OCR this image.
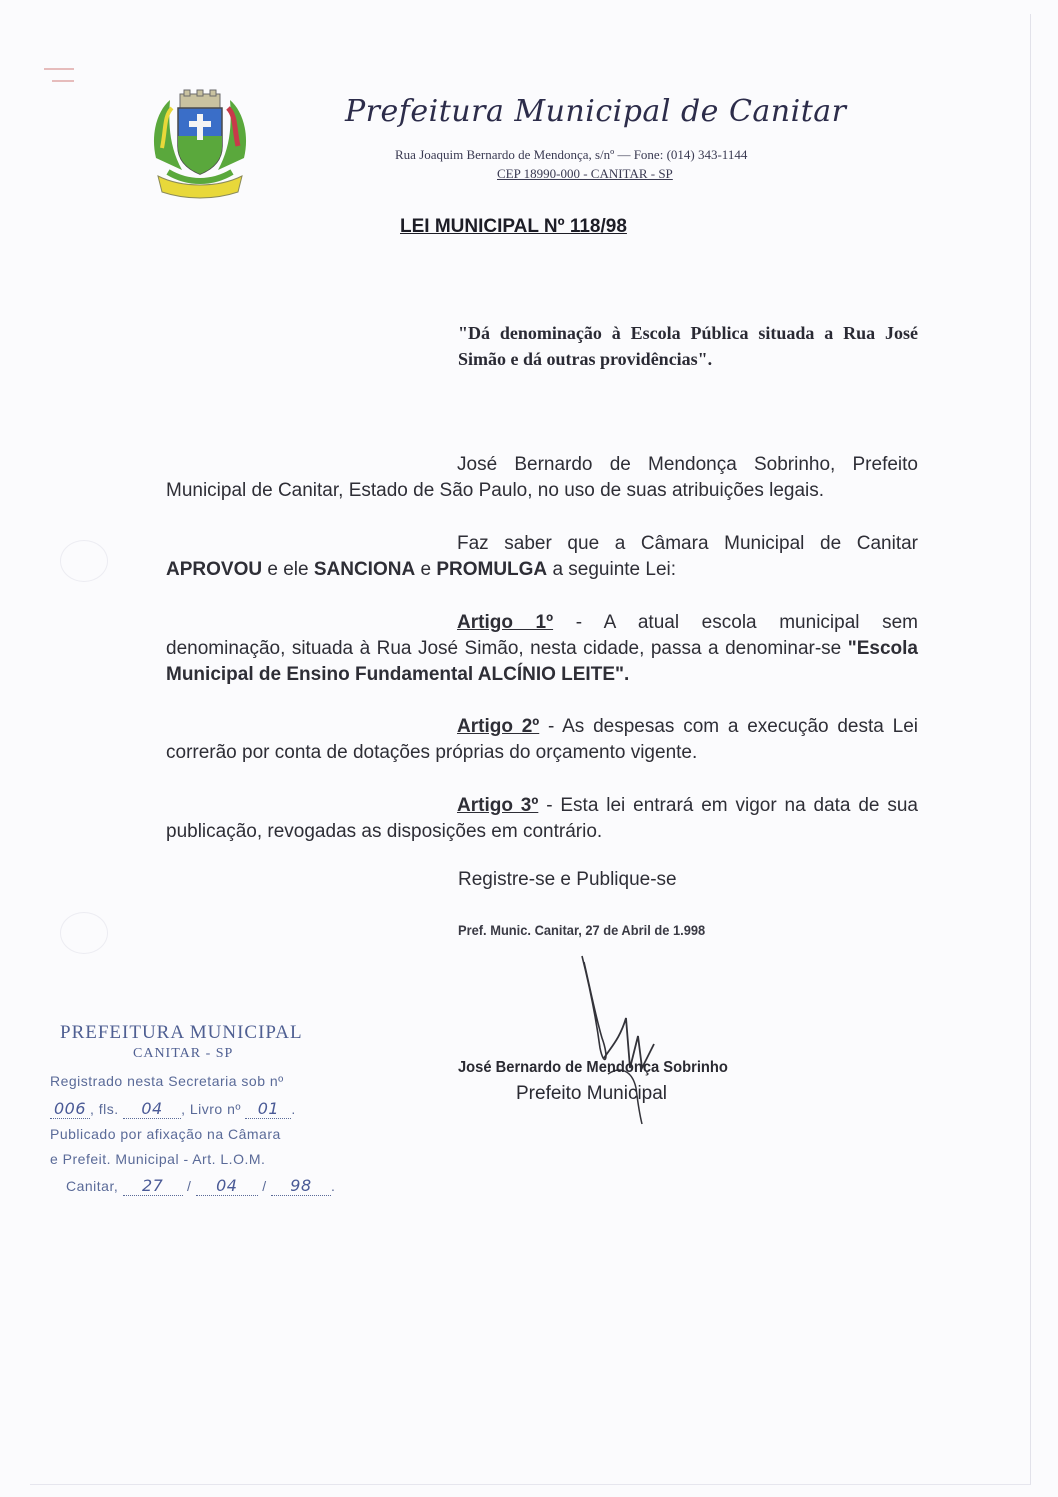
Prefeitura Municipal de Canitar
Rua Joaquim Bernardo de Mendonça, s/nº — Fone: (014) 343-1144
CEP 18990-000 - CANITAR - SP
LEI MUNICIPAL Nº 118/98
"Dá denominação à Escola Pública situada a Rua José Simão e dá outras providências".
José Bernardo de Mendonça Sobrinho, Prefeito Municipal de Canitar, Estado de São Paulo, no uso de suas atribuições legais.
Faz saber que a Câmara Municipal de Canitar APROVOU e ele SANCIONA e PROMULGA a seguinte Lei:
Artigo 1º - A atual escola municipal sem denominação, situada à Rua José Simão, nesta cidade, passa a denominar-se "Escola Municipal de Ensino Fundamental ALCÍNIO LEITE".
Artigo 2º - As despesas com a execução desta Lei correrão por conta de dotações próprias do orçamento vigente.
Artigo 3º - Esta lei entrará em vigor na data de sua publicação, revogadas as disposições em contrário.
Registre-se e Publique-se
Pref. Munic. Canitar, 27 de Abril de 1.998
José Bernardo de Mendonça Sobrinho
Prefeito Municipal
PREFEITURA MUNICIPAL
CANITAR - SP
Registrado nesta Secretaria sob nº
006 , fls. 04 , Livro nº 01 .
Publicado por afixação na Câmara
e Prefeit. Municipal - Art. L.O.M.
Canitar, 27 / 04 / 98 .
